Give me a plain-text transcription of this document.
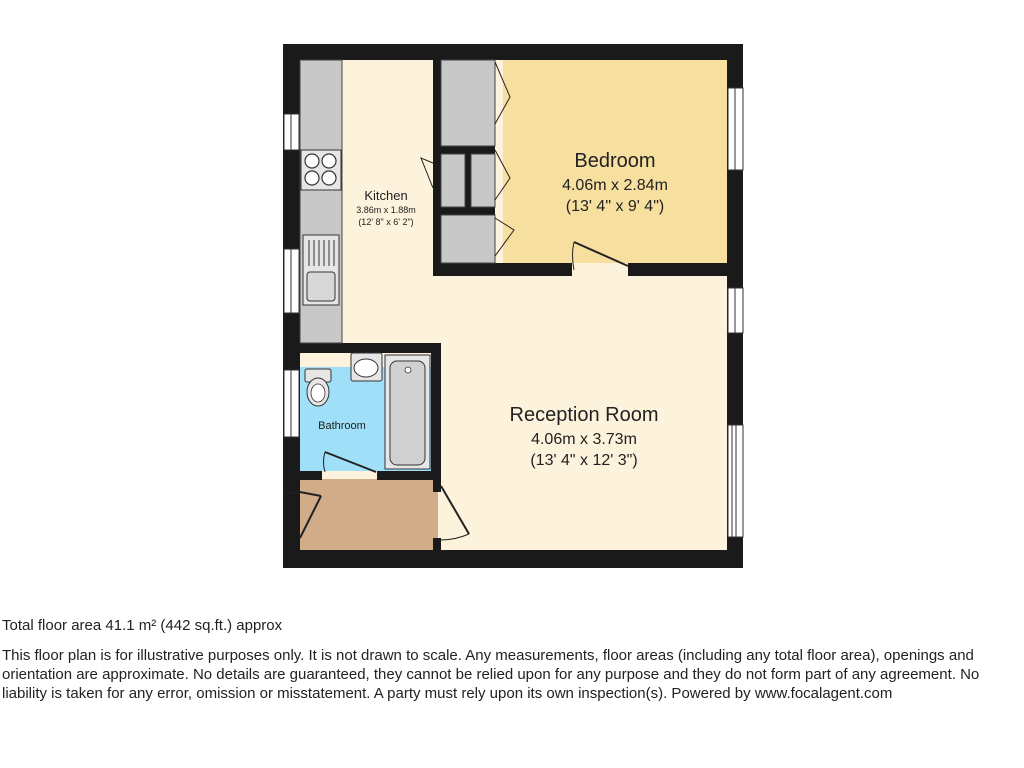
Bedroom
4.06m x 2.84m
(13' 4" x 9' 4")
Kitchen
3.86m x 1.88m
(12' 8" x 6' 2")
Reception Room
4.06m x 3.73m
(13' 4" x 12' 3")
Bathroom

Total floor area 41.1 m² (442 sq.ft.) approx

This floor plan is for illustrative purposes only. It is not drawn to scale. Any measurements, floor areas (including any total floor area), openings and orientation are approximate. No details are guaranteed, they cannot be relied upon for any purpose and they do not form part of any agreement. No liability is taken for any error, omission or misstatement. A party must rely upon its own inspection(s). Powered by www.focalagent.com
